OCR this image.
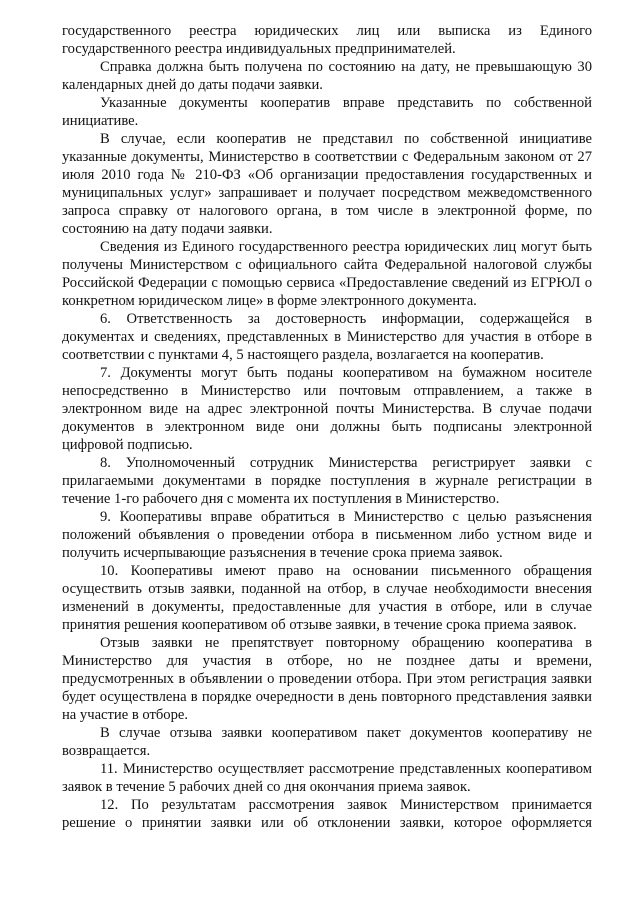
государственного реестра юридических лиц или выписка из Единого государственного реестра индивидуальных предпринимателей.

Справка должна быть получена по состоянию на дату, не превышающую 30 календарных дней до даты подачи заявки.

Указанные документы кооператив вправе представить по собственной инициативе.

В случае, если кооператив не представил по собственной инициативе указанные документы, Министерство в соответствии с Федеральным законом от 27 июля 2010 года № 210-ФЗ «Об организации предоставления государственных и муниципальных услуг» запрашивает и получает посредством межведомственного запроса справку от налогового органа, в том числе в электронной форме, по состоянию на дату подачи заявки.

Сведения из Единого государственного реестра юридических лиц могут быть получены Министерством с официального сайта Федеральной налоговой службы Российской Федерации с помощью сервиса «Предоставление сведений из ЕГРЮЛ о конкретном юридическом лице» в форме электронного документа.

6. Ответственность за достоверность информации, содержащейся в документах и сведениях, представленных в Министерство для участия в отборе в соответствии с пунктами 4, 5 настоящего раздела, возлагается на кооператив.

7. Документы могут быть поданы кооперативом на бумажном носителе непосредственно в Министерство или почтовым отправлением, а также в электронном виде на адрес электронной почты Министерства. В случае подачи документов в электронном виде они должны быть подписаны электронной цифровой подписью.

8. Уполномоченный сотрудник Министерства регистрирует заявки с прилагаемыми документами в порядке поступления в журнале регистрации в течение 1-го рабочего дня с момента их поступления в Министерство.

9. Кооперативы вправе обратиться в Министерство с целью разъяснения положений объявления о проведении отбора в письменном либо устном виде и получить исчерпывающие разъяснения в течение срока приема заявок.

10. Кооперативы имеют право на основании письменного обращения осуществить отзыв заявки, поданной на отбор, в случае необходимости внесения изменений в документы, предоставленные для участия в отборе, или в случае принятия решения кооперативом об отзыве заявки, в течение срока приема заявок.

Отзыв заявки не препятствует повторному обращению кооператива в Министерство для участия в отборе, но не позднее даты и времени, предусмотренных в объявлении о проведении отбора. При этом регистрация заявки будет осуществлена в порядке очередности в день повторного представления заявки на участие в отборе.

В случае отзыва заявки кооперативом пакет документов кооперативу не возвращается.

11. Министерство осуществляет рассмотрение представленных кооперативом заявок в течение 5 рабочих дней со дня окончания приема заявок.

12. По результатам рассмотрения заявок Министерством принимается решение о принятии заявки или об отклонении заявки, которое оформляется
